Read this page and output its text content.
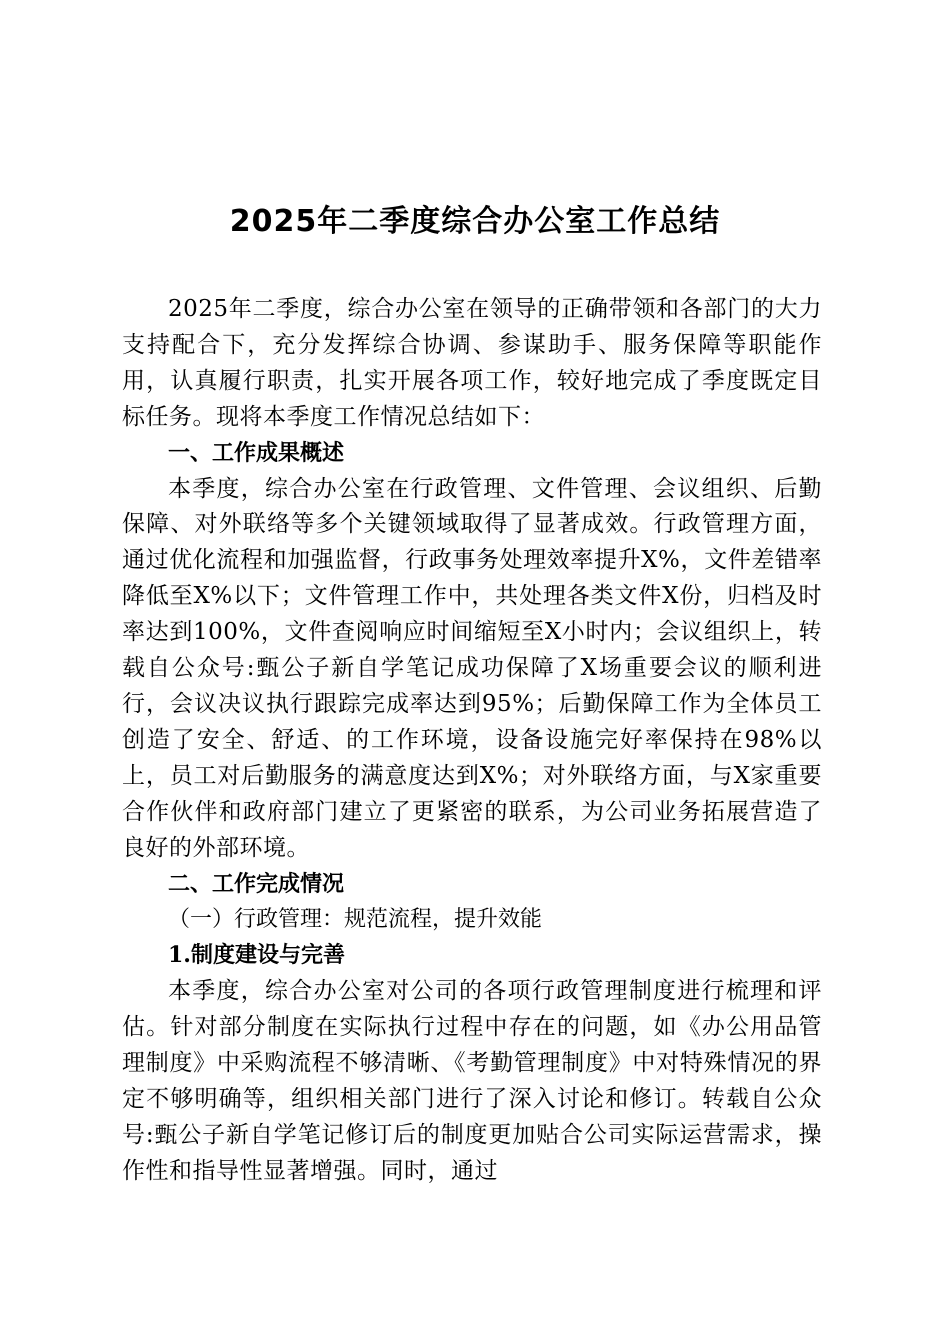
2025年二季度综合办公室工作总结

2025年二季度，综合办公室在领导的正确带领和各部门的大力支持配合下，充分发挥综合协调、参谋助手、服务保障等职能作用，认真履行职责，扎实开展各项工作，较好地完成了季度既定目标任务。现将本季度工作情况总结如下：

一、工作成果概述

本季度，综合办公室在行政管理、文件管理、会议组织、后勤保障、对外联络等多个关键领域取得了显著成效。行政管理方面，通过优化流程和加强监督，行政事务处理效率提升X%，文件差错率降低至X%以下；文件管理工作中，共处理各类文件X份，归档及时率达到100%，文件查阅响应时间缩短至X小时内；会议组织上，转载自公众号:甄公子新自学笔记成功保障了X场重要会议的顺利进行，会议决议执行跟踪完成率达到95%；后勤保障工作为全体员工创造了安全、舒适、的工作环境，设备设施完好率保持在98%以上，员工对后勤服务的满意度达到X%；对外联络方面，与X家重要合作伙伴和政府部门建立了更紧密的联系，为公司业务拓展营造了良好的外部环境。

二、工作完成情况

（一）行政管理：规范流程，提升效能

1.制度建设与完善

本季度，综合办公室对公司的各项行政管理制度进行梳理和评估。针对部分制度在实际执行过程中存在的问题，如《办公用品管理制度》中采购流程不够清晰、《考勤管理制度》中对特殊情况的界定不够明确等，组织相关部门进行了深入讨论和修订。转载自公众号:甄公子新自学笔记修订后的制度更加贴合公司实际运营需求，操作性和指导性显著增强。同时，通过
